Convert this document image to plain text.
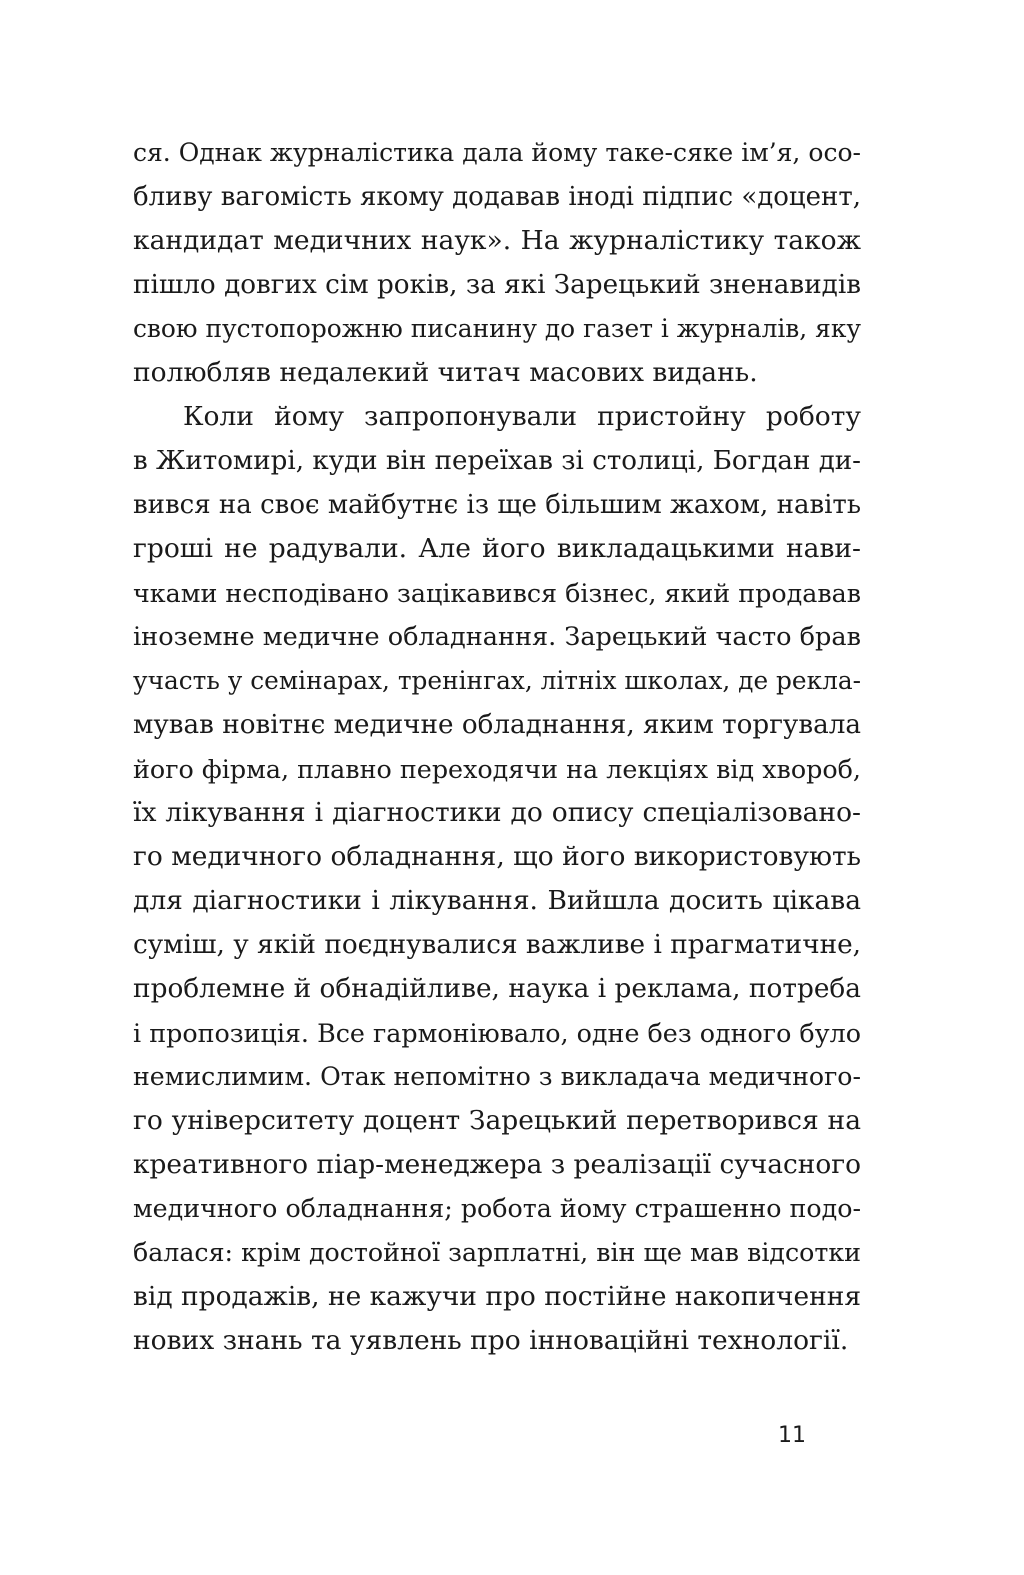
ся. Однак журналістика дала йому таке-сяке ім’я, осо-
бливу вагомість якому додавав іноді підпис «доцент,
кандидат медичних наук». На журналістику також
пішло довгих сім років, за які Зарецький зненавидів
свою пустопорожню писанину до газет і журналів, яку
полюбляв недалекий читач масових видань.
Коли йому запропонували пристойну роботу
в Житомирі, куди він переїхав зі столиці, Богдан ди-
вився на своє майбутнє із ще більшим жахом, навіть
гроші не радували. Але його викладацькими нави-
чками несподівано зацікавився бізнес, який продавав
іноземне медичне обладнання. Зарецький часто брав
участь у семінарах, тренінгах, літніх школах, де рекла-
мував новітнє медичне обладнання, яким торгувала
його фірма, плавно переходячи на лекціях від хвороб,
їх лікування і діагностики до опису спеціалізовано-
го медичного обладнання, що його використовують
для діагностики і лікування. Вийшла досить цікава
суміш, у якій поєднувалися важливе і прагматичне,
проблемне й обнадійливе, наука і реклама, потреба
і пропозиція. Все гармоніювало, одне без одного було
немислимим. Отак непомітно з викладача медичного-
го університету доцент Зарецький перетворився на
креативного піар-менеджера з реалізації сучасного
медичного обладнання; робота йому страшенно подо-
балася: крім достойної зарплатні, він ще мав відсотки
від продажів, не кажучи про постійне накопичення
нових знань та уявлень про інноваційні технології.
11
